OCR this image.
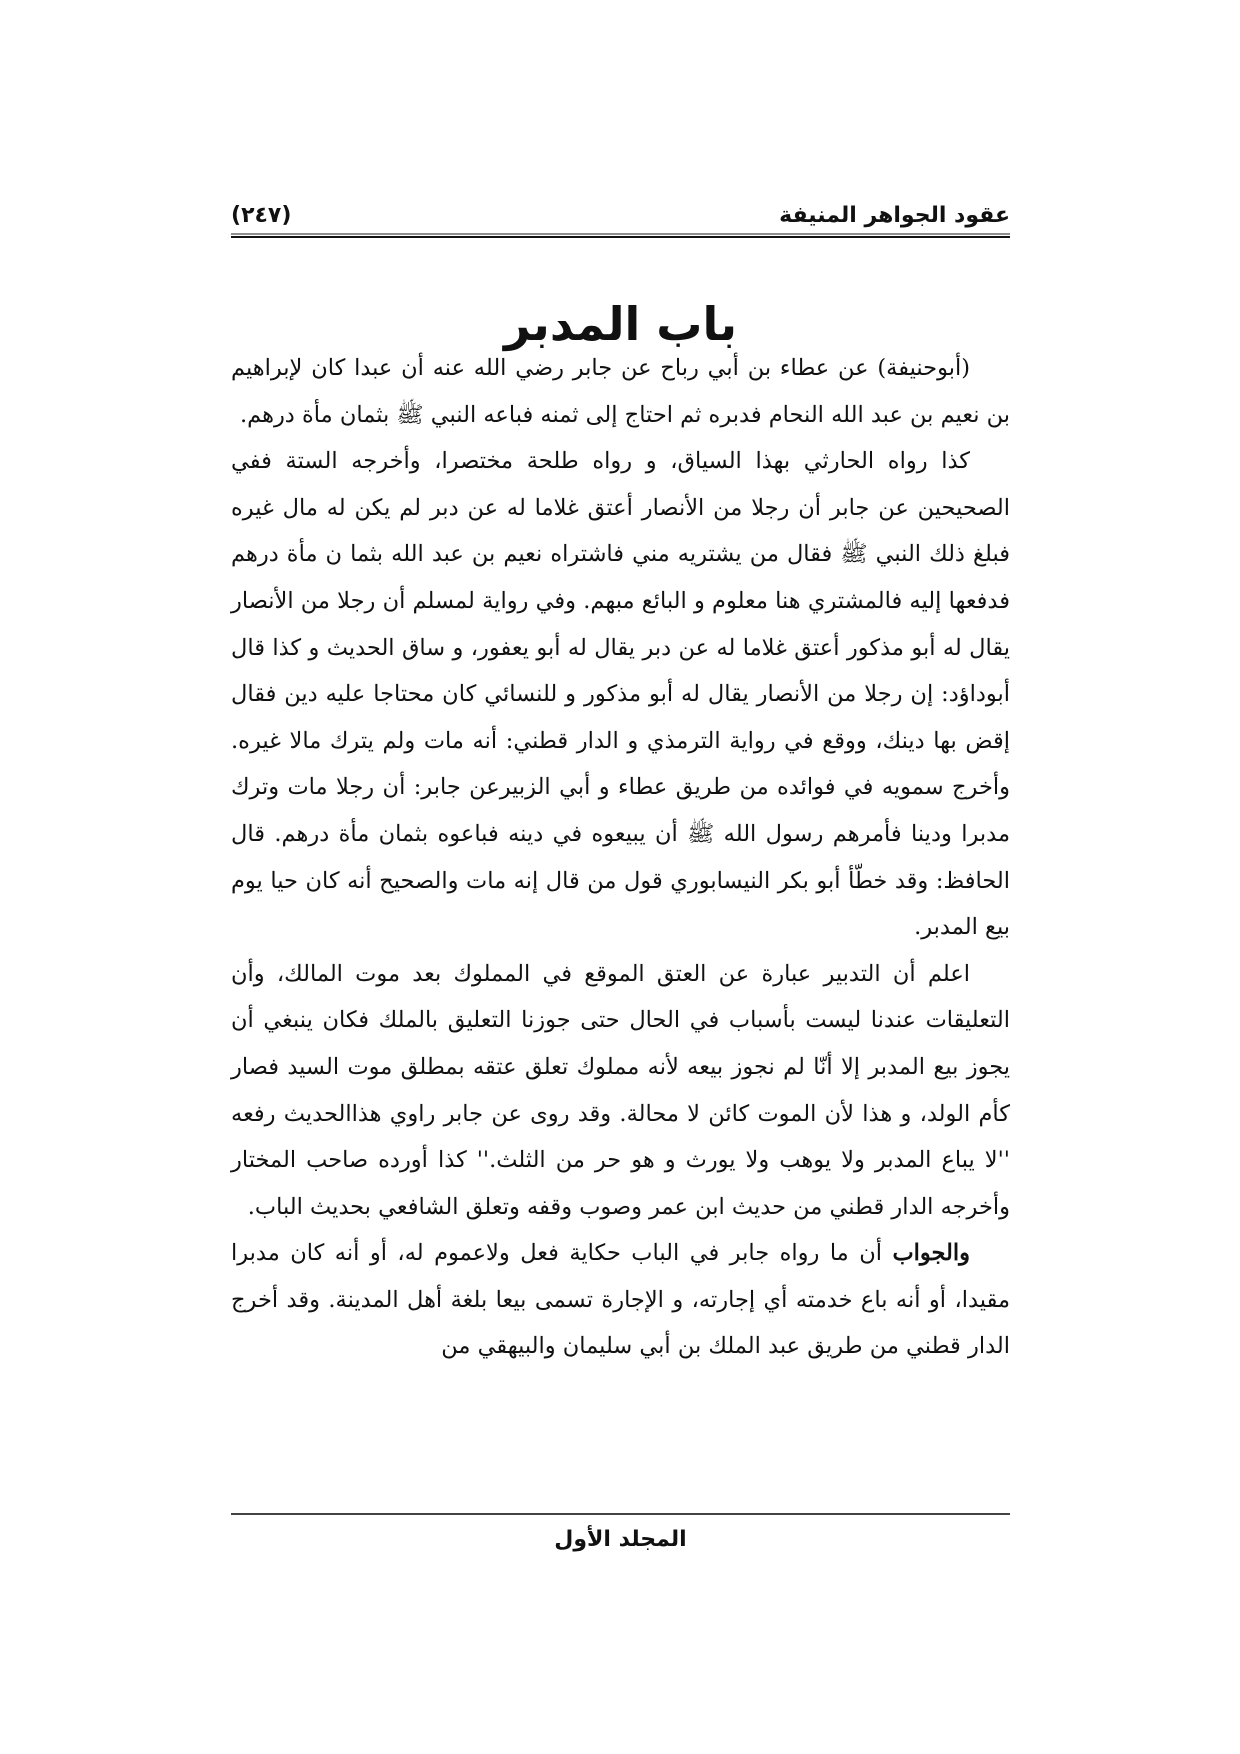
عقود الجواهر المنيفة
(٢٤٧)
باب المدبر

(أبوحنيفة) عن عطاء بن أبي رباح عن جابر رضي الله عنه أن عبدا كان لإبراهيم بن نعيم بن عبد الله النحام فدبره ثم احتاج إلى ثمنه فباعه النبي ﷺ بثمان مأة درهم.

كذا رواه الحارثي بهذا السياق، و رواه طلحة مختصرا، وأخرجه الستة ففي الصحيحين عن جابر أن رجلا من الأنصار أعتق غلاما له عن دبر لم يكن له مال غيره فبلغ ذلك النبي ﷺ فقال من يشتريه مني فاشتراه نعيم بن عبد الله بثما ن مأة درهم فدفعها إليه فالمشتري هنا معلوم و البائع مبهم. وفي رواية لمسلم أن رجلا من الأنصار يقال له أبو مذكور أعتق غلاما له عن دبر يقال له أبو يعفور، و ساق الحديث و كذا قال أبوداؤد: إن رجلا من الأنصار يقال له أبو مذكور و للنسائي كان محتاجا عليه دين فقال إقض بها دينك، ووقع في رواية الترمذي و الدار قطني: أنه مات ولم يترك مالا غيره. وأخرج سمويه في فوائده من طريق عطاء و أبي الزبيرعن جابر: أن رجلا مات وترك مدبرا ودينا فأمرهم رسول الله ﷺ أن يبيعوه في دينه فباعوه بثمان مأة درهم. قال الحافظ: وقد خطّأ أبو بكر النيسابوري قول من قال إنه مات والصحيح أنه كان حيا يوم بيع المدبر.

اعلم أن التدبير عبارة عن العتق الموقع في المملوك بعد موت المالك، وأن التعليقات عندنا ليست بأسباب في الحال حتى جوزنا التعليق بالملك فكان ينبغي أن يجوز بيع المدبر إلا أنّا لم نجوز بيعه لأنه مملوك تعلق عتقه بمطلق موت السيد فصار كأم الولد، و هذا لأن الموت كائن لا محالة. وقد روى عن جابر راوي هذاالحديث رفعه ''لا يباع المدبر ولا يوهب ولا يورث و هو حر من الثلث.'' كذا أورده صاحب المختار وأخرجه الدار قطني من حديث ابن عمر وصوب وقفه وتعلق الشافعي بحديث الباب.

والجواب أن ما رواه جابر في الباب حكاية فعل ولاعموم له، أو أنه كان مدبرا مقيدا، أو أنه باع خدمته أي إجارته، و الإجارة تسمى بيعا بلغة أهل المدينة. وقد أخرج الدار قطني من طريق عبد الملك بن أبي سليمان والبيهقي من

المجلد الأول
